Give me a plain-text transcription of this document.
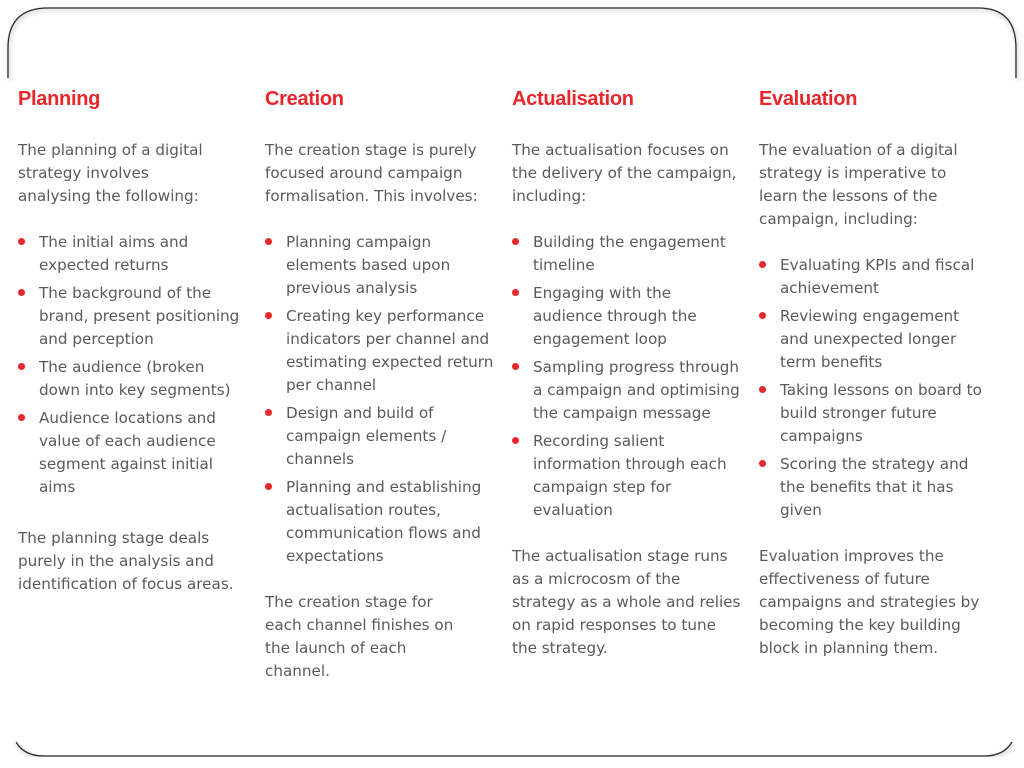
Planning

The planning of a digital strategy involves analysing the following:

The initial aims and expected returns
The background of the brand, present positioning and perception
The audience (broken down into key segments)
Audience locations and value of each audience segment against initial aims

The planning stage deals purely in the analysis and identification of focus areas.

Creation

The creation stage is purely focused around campaign formalisation. This involves:

Planning campaign elements based upon previous analysis
Creating key performance indicators per channel and estimating expected return per channel
Design and build of campaign elements / channels
Planning and establishing actualisation routes, communication flows and expectations

The creation stage for each channel finishes on the launch of each channel.

Actualisation

The actualisation focuses on the delivery of the campaign, including:

Building the engagement timeline
Engaging with the audience through the engagement loop
Sampling progress through a campaign and optimising the campaign message
Recording salient information through each campaign step for evaluation

The actualisation stage runs as a microcosm of the strategy as a whole and relies on rapid responses to tune the strategy.

Evaluation

The evaluation of a digital strategy is imperative to learn the lessons of the campaign, including:

Evaluating KPIs and fiscal achievement
Reviewing engagement and unexpected longer term benefits
Taking lessons on board to build stronger future campaigns
Scoring the strategy and the benefits that it has given

Evaluation improves the effectiveness of future campaigns and strategies by becoming the key building block in planning them.
